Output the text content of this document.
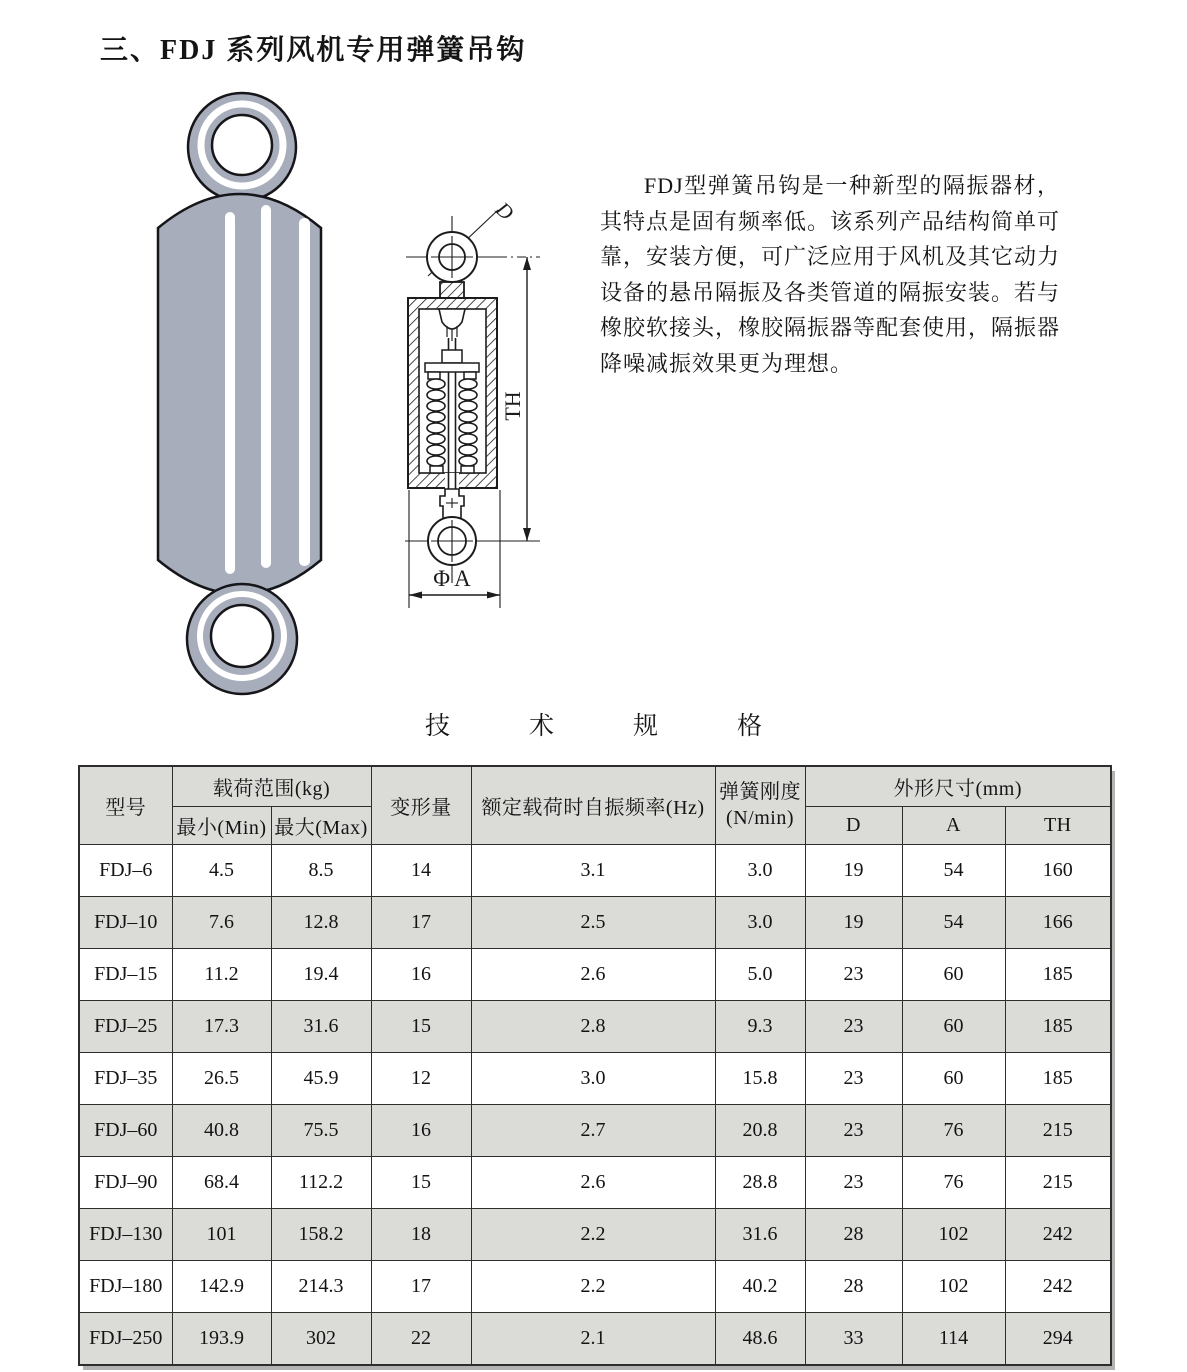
三、FDJ 系列风机专用弹簧吊钩
TH
D
ΦA
FDJ型弹簧吊钩是一种新型的隔振器材，其特点是固有频率低。该系列产品结构简单可靠，安装方便，可广泛应用于风机及其它动力设备的悬吊隔振及各类管道的隔振安装。若与橡胶软接头，橡胶隔振器等配套使用，隔振器降噪减振效果更为理想。
技　　　术　　　规　　　格
型号	载荷范围(kg)		变形量	额定载荷时自振频率(Hz)	弹簧刚度
(N/min)	外形尺寸(mm)		
	最小(Min)	最大(Max)				D	A	TH
FDJ–6	4.5	8.5	14	3.1	3.0	19	54	160
FDJ–10	7.6	12.8	17	2.5	3.0	19	54	166
FDJ–15	11.2	19.4	16	2.6	5.0	23	60	185
FDJ–25	17.3	31.6	15	2.8	9.3	23	60	185
FDJ–35	26.5	45.9	12	3.0	15.8	23	60	185
FDJ–60	40.8	75.5	16	2.7	20.8	23	76	215
FDJ–90	68.4	112.2	15	2.6	28.8	23	76	215
FDJ–130	101	158.2	18	2.2	31.6	28	102	242
FDJ–180	142.9	214.3	17	2.2	40.2	28	102	242
FDJ–250	193.9	302	22	2.1	48.6	33	114	294
